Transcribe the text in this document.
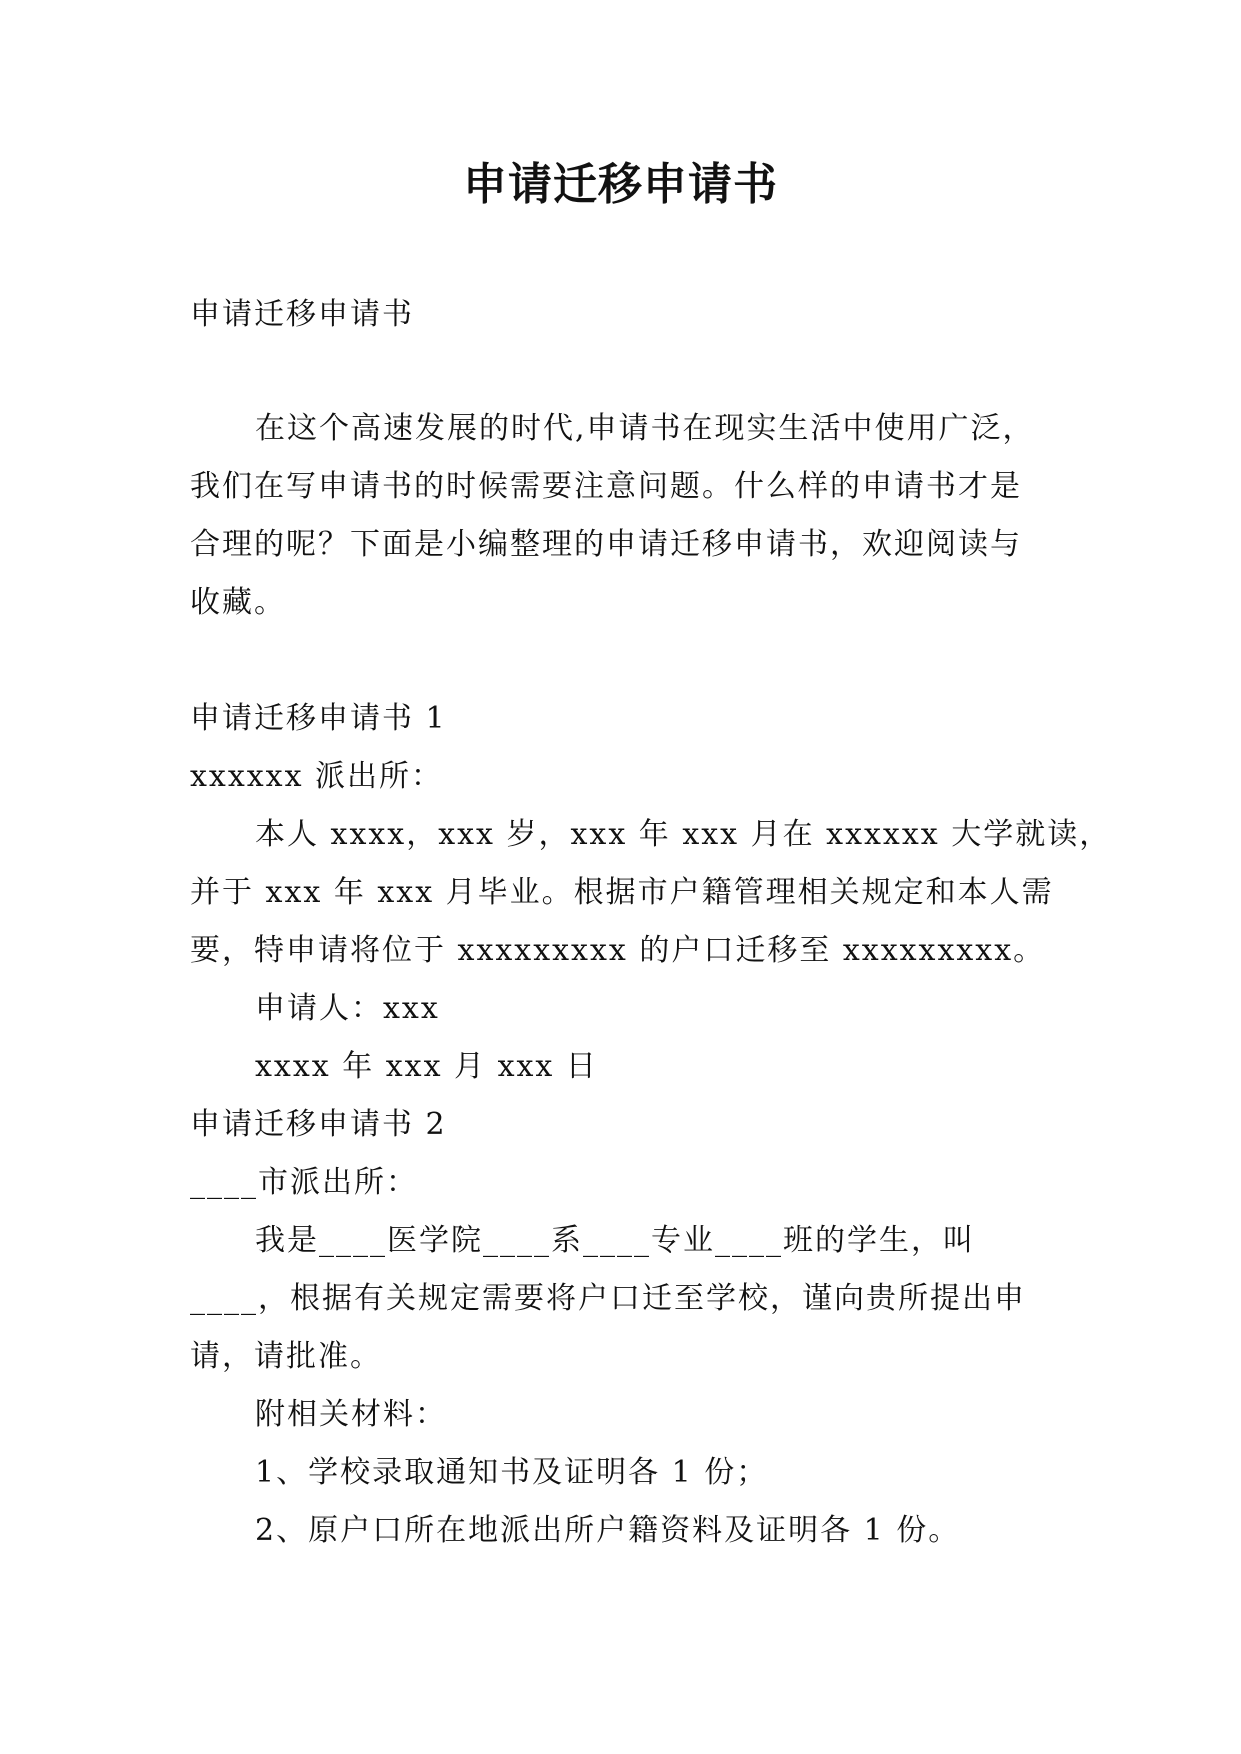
申请迁移申请书
申请迁移申请书
在这个高速发展的时代,申请书在现实生活中使用广泛，
我们在写申请书的时候需要注意问题。什么样的申请书才是
合理的呢？下面是小编整理的申请迁移申请书，欢迎阅读与
收藏。
申请迁移申请书 1
xxxxxx 派出所：
本人 xxxx，xxx 岁，xxx 年 xxx 月在 xxxxxx 大学就读，
并于 xxx 年 xxx 月毕业。根据市户籍管理相关规定和本人需
要，特申请将位于 xxxxxxxxx 的户口迁移至 xxxxxxxxx。
申请人：xxx
xxxx 年 xxx 月 xxx 日
申请迁移申请书 2
____市派出所：
我是____医学院____系____专业____班的学生，叫
____，根据有关规定需要将户口迁至学校，谨向贵所提出申
请，请批准。
附相关材料：
1、学校录取通知书及证明各 1 份；
2、原户口所在地派出所户籍资料及证明各 1 份。
